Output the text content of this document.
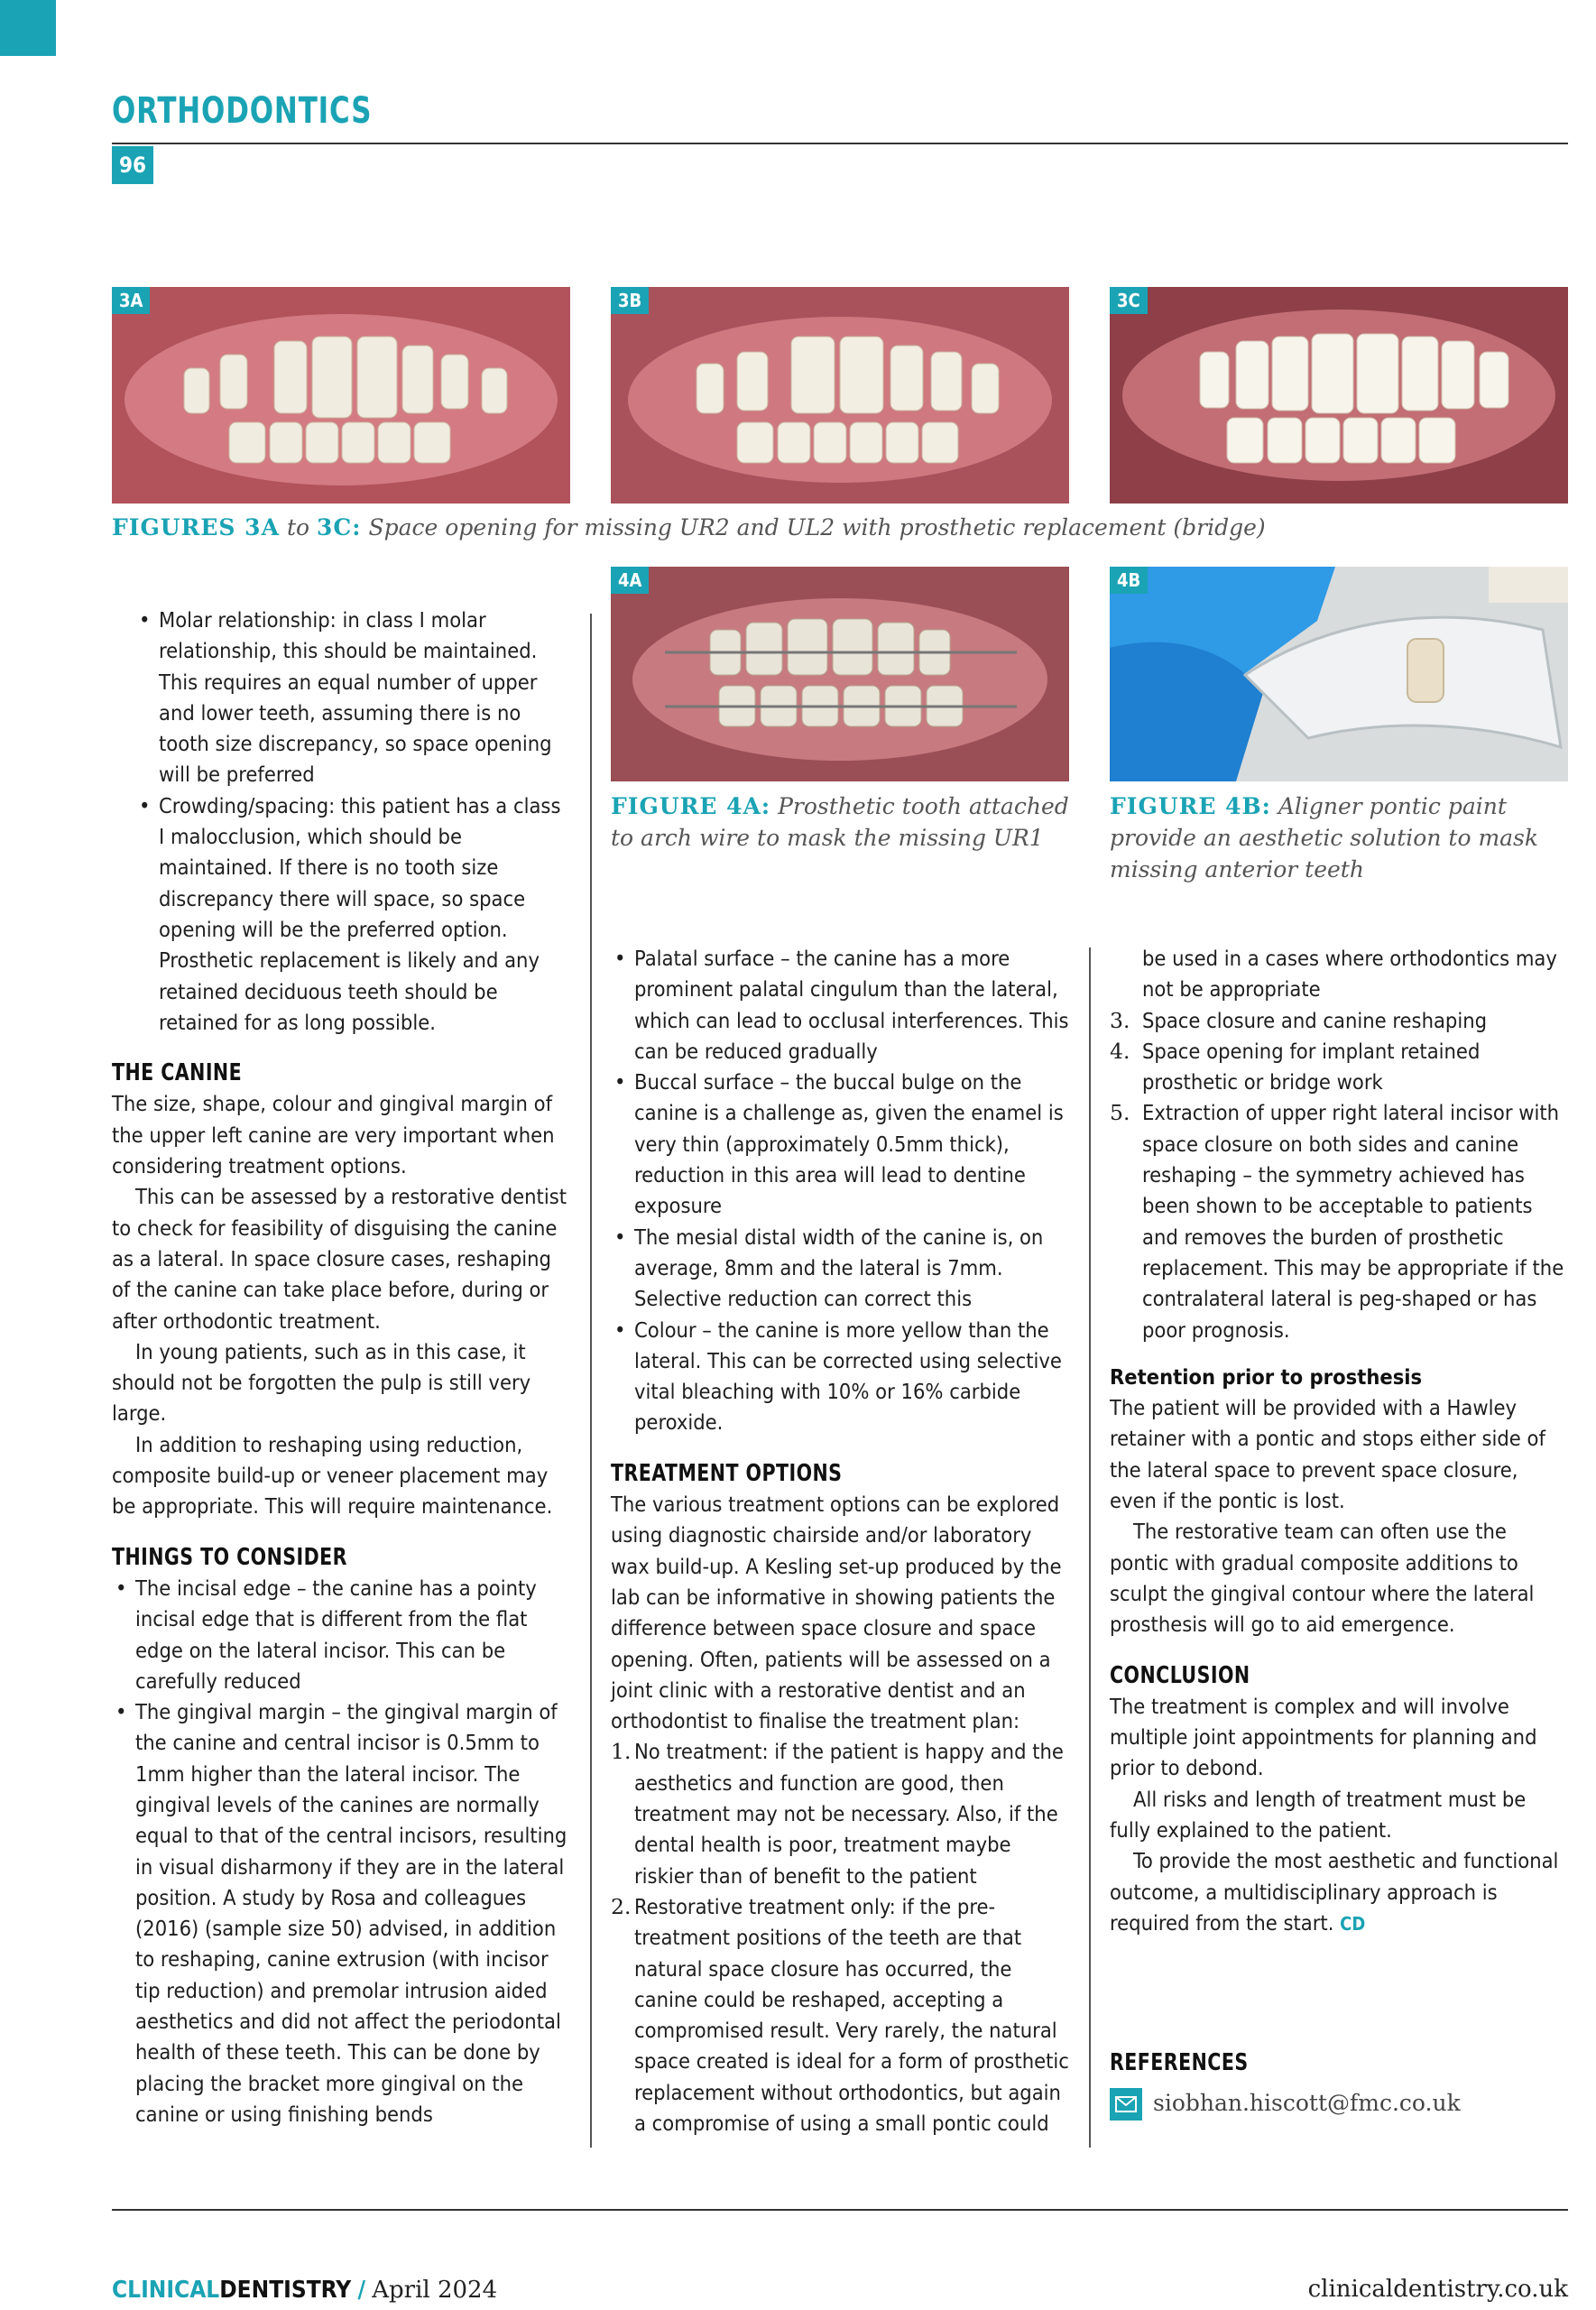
ORTHODONTICS
96
3A	3B	3C

FIGURES 3A to 3C: Space opening for missing UR2 and UL2 with prosthetic replacement (bridge)

4A	4B

FIGURE 4A: Prosthetic tooth attached to arch wire to mask the missing UR1

FIGURE 4B: Aligner pontic paint provide an aesthetic solution to mask missing anterior teeth

• Molar relationship: in class I molar relationship, this should be maintained. This requires an equal number of upper and lower teeth, assuming there is no tooth size discrepancy, so space opening will be preferred
• Crowding/spacing: this patient has a class I malocclusion, which should be maintained. If there is no tooth size discrepancy there will space, so space opening will be the preferred option. Prosthetic replacement is likely and any retained deciduous teeth should be retained for as long possible.
THE CANINE

The size, shape, colour and gingival margin of the upper left canine are very important when considering treatment options.

This can be assessed by a restorative dentist to check for feasibility of disguising the canine as a lateral. In space closure cases, reshaping of the canine can take place before, during or after orthodontic treatment.

In young patients, such as in this case, it should not be forgotten the pulp is still very large.

In addition to reshaping using reduction, composite build-up or veneer placement may be appropriate. This will require maintenance.

THINGS TO CONSIDER
• The incisal edge – the canine has a pointy incisal edge that is different from the flat edge on the lateral incisor. This can be carefully reduced
• The gingival margin – the gingival margin of the canine and central incisor is 0.5mm to 1mm higher than the lateral incisor. The gingival levels of the canines are normally equal to that of the central incisors, resulting in visual disharmony if they are in the lateral position. A study by Rosa and colleagues (2016) (sample size 50) advised, in addition to reshaping, canine extrusion (with incisor tip reduction) and premolar intrusion aided aesthetics and did not affect the periodontal health of these teeth. This can be done by placing the bracket more gingival on the canine or using finishing bends
• Palatal surface – the canine has a more prominent palatal cingulum than the lateral, which can lead to occlusal interferences. This can be reduced gradually
• Buccal surface – the buccal bulge on the canine is a challenge as, given the enamel is very thin (approximately 0.5mm thick), reduction in this area will lead to dentine exposure
• The mesial distal width of the canine is, on average, 8mm and the lateral is 7mm. Selective reduction can correct this
• Colour – the canine is more yellow than the lateral. This can be corrected using selective vital bleaching with 10% or 16% carbide peroxide.
TREATMENT OPTIONS

The various treatment options can be explored using diagnostic chairside and/or laboratory wax build-up. A Kesling set-up produced by the lab can be informative in showing patients the difference between space closure and space opening. Often, patients will be assessed on a joint clinic with a restorative dentist and an orthodontist to finalise the treatment plan:

1. No treatment: if the patient is happy and the aesthetics and function are good, then treatment may not be necessary. Also, if the dental health is poor, treatment maybe riskier than of benefit to the patient
2. Restorative treatment only: if the pre-treatment positions of the teeth are that natural space closure has occurred, the canine could be reshaped, accepting a compromised result. Very rarely, the natural space created is ideal for a form of prosthetic replacement without orthodontics, but again a compromise of using a small pontic could

be used in a cases where orthodontics may not be appropriate

3. Space closure and canine reshaping
4. Space opening for implant retained prosthetic or bridge work
5. Extraction of upper right lateral incisor with space closure on both sides and canine reshaping – the symmetry achieved has been shown to be acceptable to patients and removes the burden of prosthetic replacement. This may be appropriate if the contralateral lateral is peg-shaped or has poor prognosis.
Retention prior to prosthesis

The patient will be provided with a Hawley retainer with a pontic and stops either side of the lateral space to prevent space closure, even if the pontic is lost.

The restorative team can often use the pontic with gradual composite additions to sculpt the gingival contour where the lateral prosthesis will go to aid emergence.

CONCLUSION

The treatment is complex and will involve multiple joint appointments for planning and prior to debond.

All risks and length of treatment must be fully explained to the patient.

To provide the most aesthetic and functional outcome, a multidisciplinary approach is required from the start. CD

REFERENCES
siobhan.hiscott@fmc.co.uk
CLINICALDENTISTRY / April 2024	clinicaldentistry.co.uk
